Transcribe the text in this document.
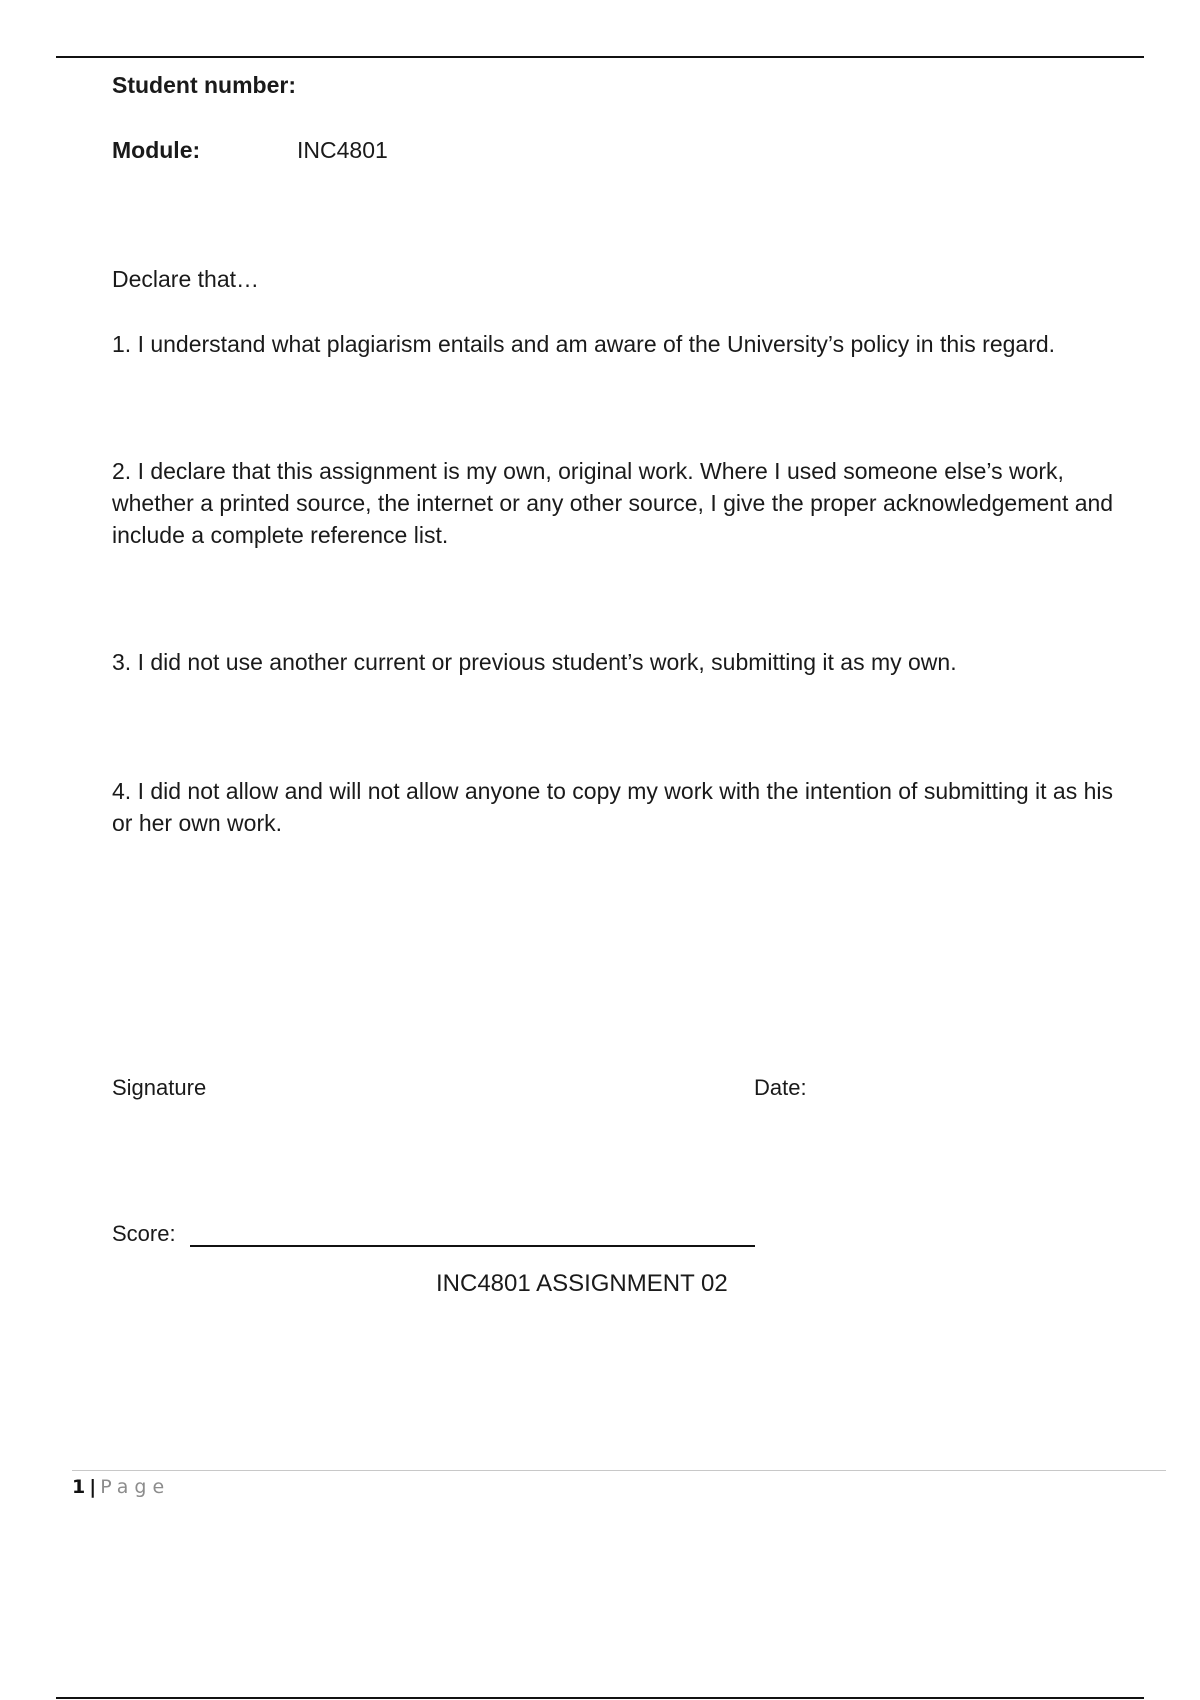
Student number:
Module:	INC4801
Declare that…

1. I understand what plagiarism entails and am aware of the University’s policy in this regard.

2. I declare that this assignment is my own, original work. Where I used someone else’s work, whether a printed source, the internet or any other source, I give the proper acknowledgement and include a complete reference list.

3. I did not use another current or previous student’s work, submitting it as my own.

4. I did not allow and will not allow anyone to copy my work with the intention of submitting it as his or her own work.

Signature	Date:
Score:
INC4801 ASSIGNMENT 02
1 | Page
